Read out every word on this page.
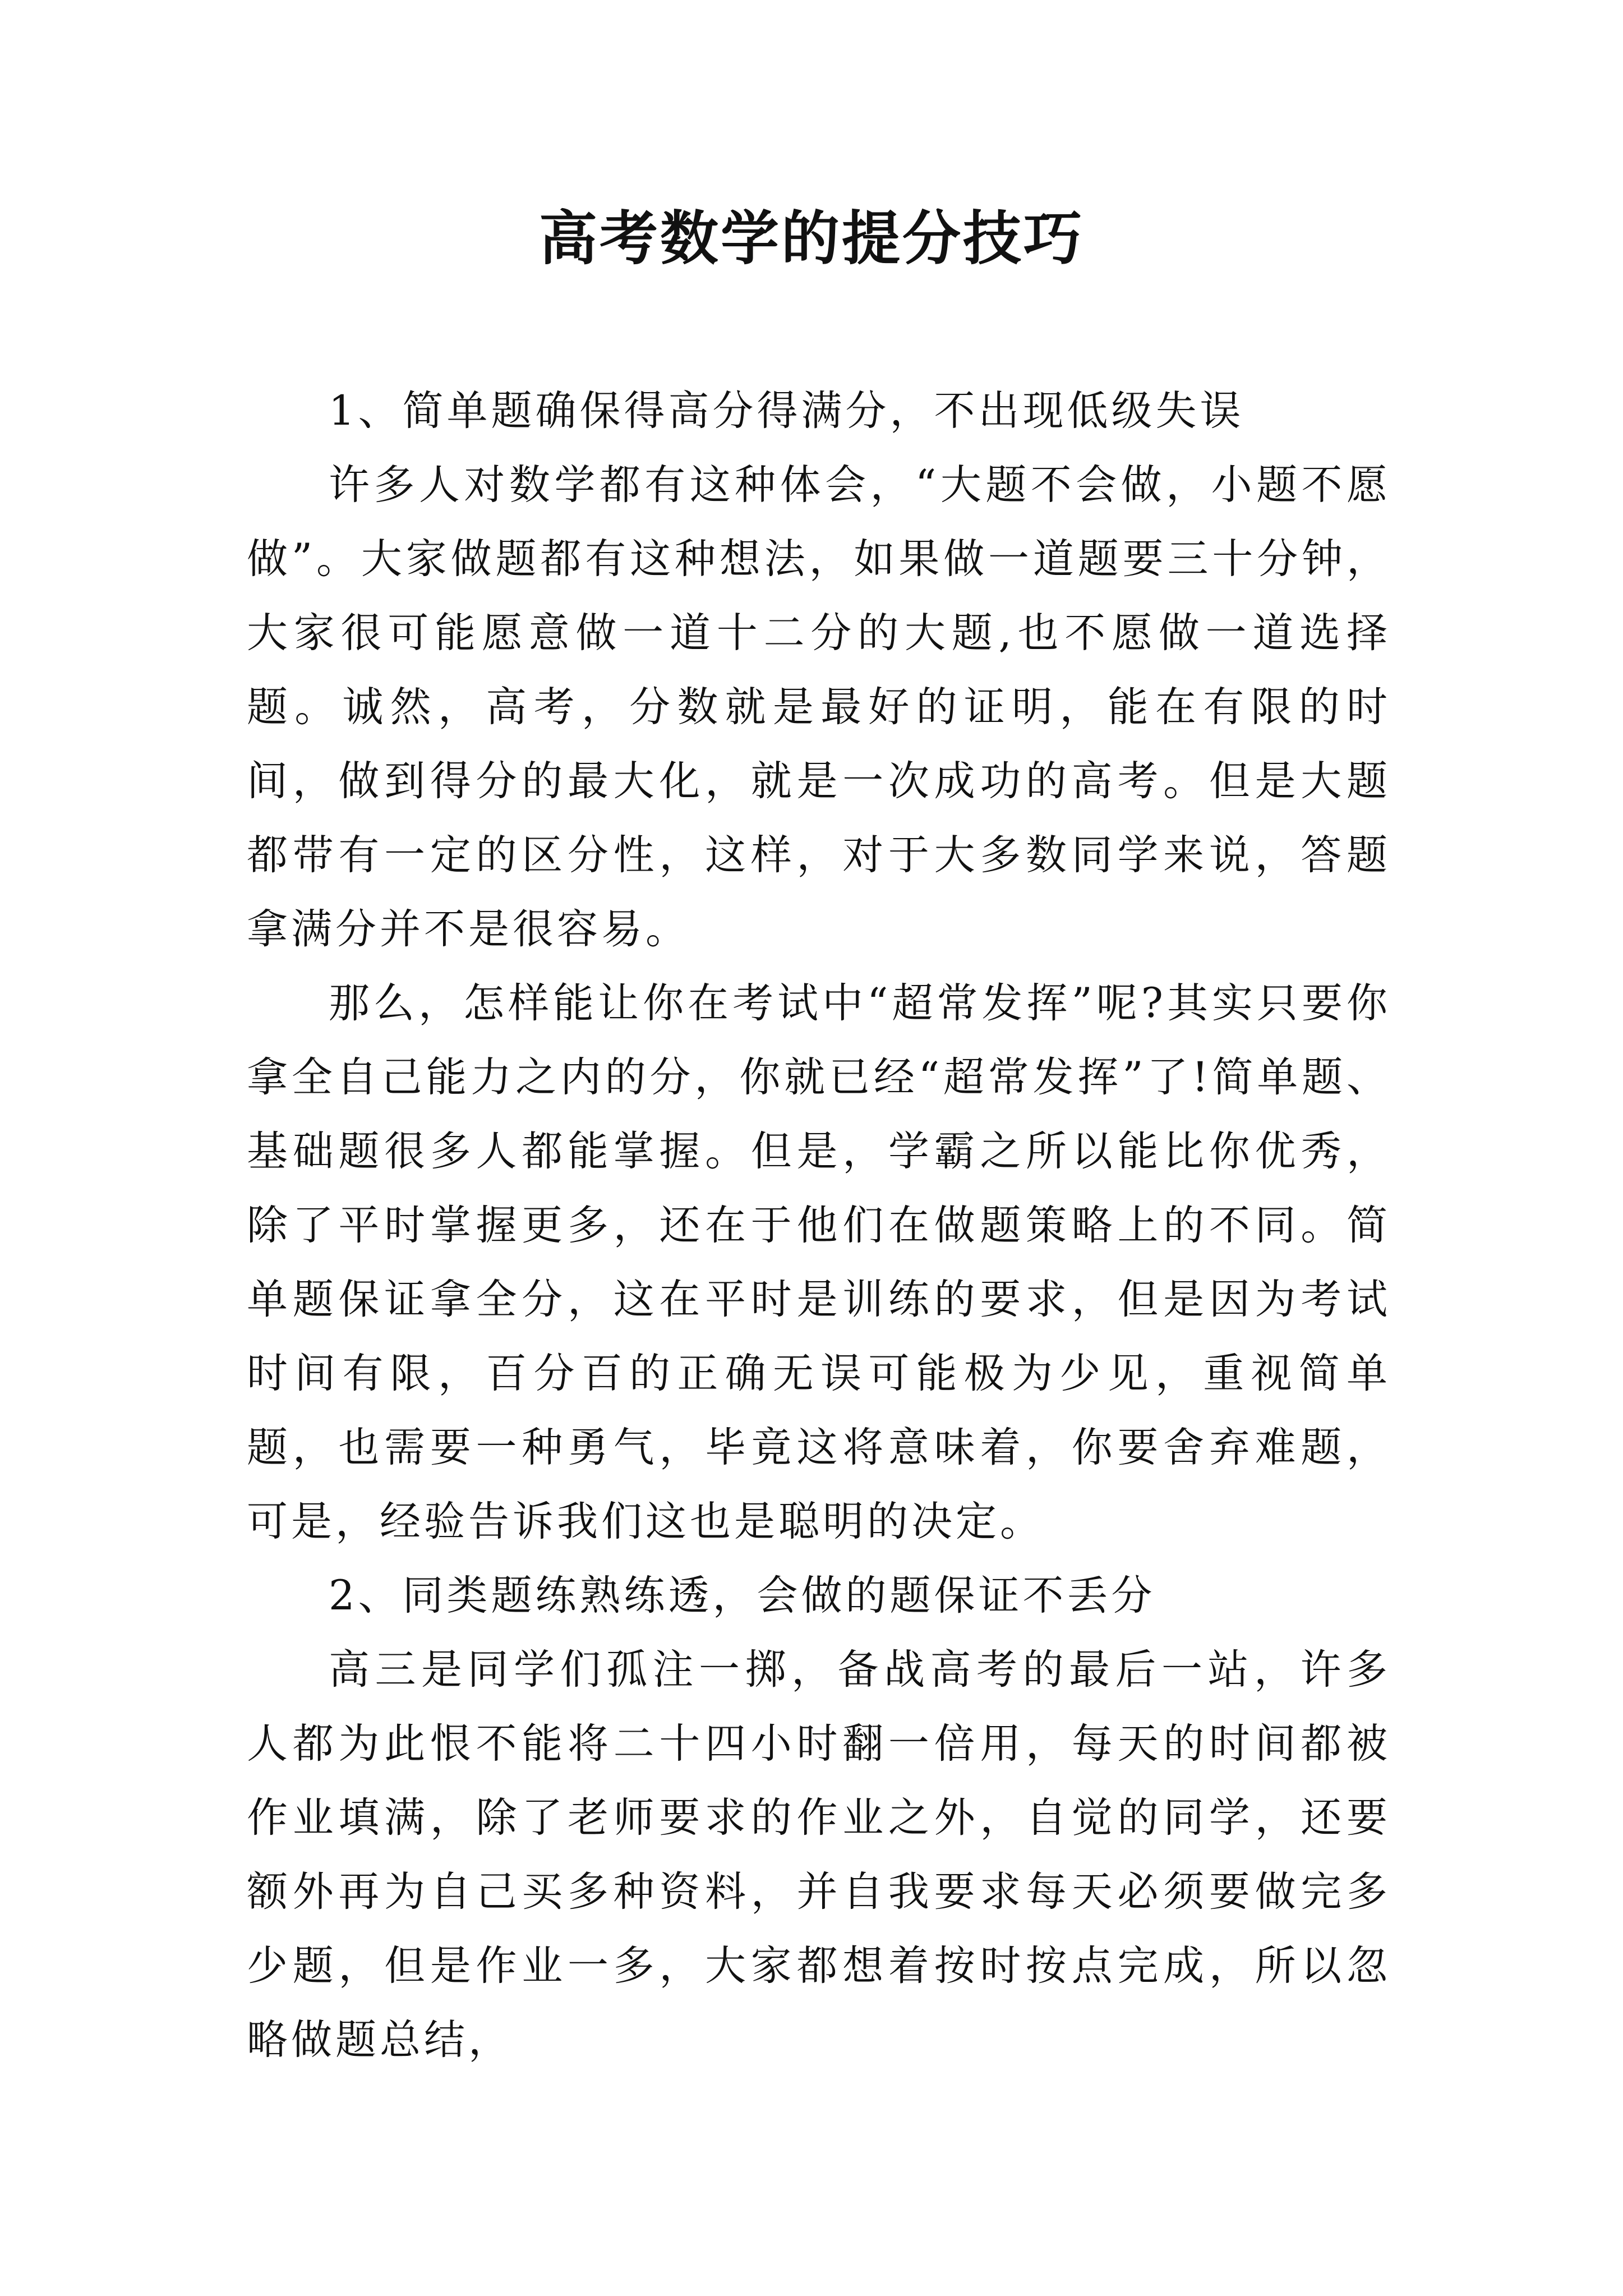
高考数学的提分技巧

1、简单题确保得高分得满分，不出现低级失误

许多人对数学都有这种体会，“大题不会做，小题不愿做”。大家做题都有这种想法，如果做一道题要三十分钟，大家很可能愿意做一道十二分的大题,也不愿做一道选择题。诚然，高考，分数就是最好的证明，能在有限的时间，做到得分的最大化，就是一次成功的高考。但是大题都带有一定的区分性，这样，对于大多数同学来说，答题拿满分并不是很容易。

那么，怎样能让你在考试中“超常发挥”呢?其实只要你拿全自己能力之内的分，你就已经“超常发挥”了!简单题、基础题很多人都能掌握。但是，学霸之所以能比你优秀，除了平时掌握更多，还在于他们在做题策略上的不同。简单题保证拿全分，这在平时是训练的要求，但是因为考试时间有限，百分百的正确无误可能极为少见，重视简单题，也需要一种勇气，毕竟这将意味着，你要舍弃难题，可是，经验告诉我们这也是聪明的决定。

2、同类题练熟练透，会做的题保证不丢分

高三是同学们孤注一掷，备战高考的最后一站，许多人都为此恨不能将二十四小时翻一倍用，每天的时间都被作业填满，除了老师要求的作业之外，自觉的同学，还要额外再为自己买多种资料，并自我要求每天必须要做完多少题，但是作业一多，大家都想着按时按点完成，所以忽略做题总结，
